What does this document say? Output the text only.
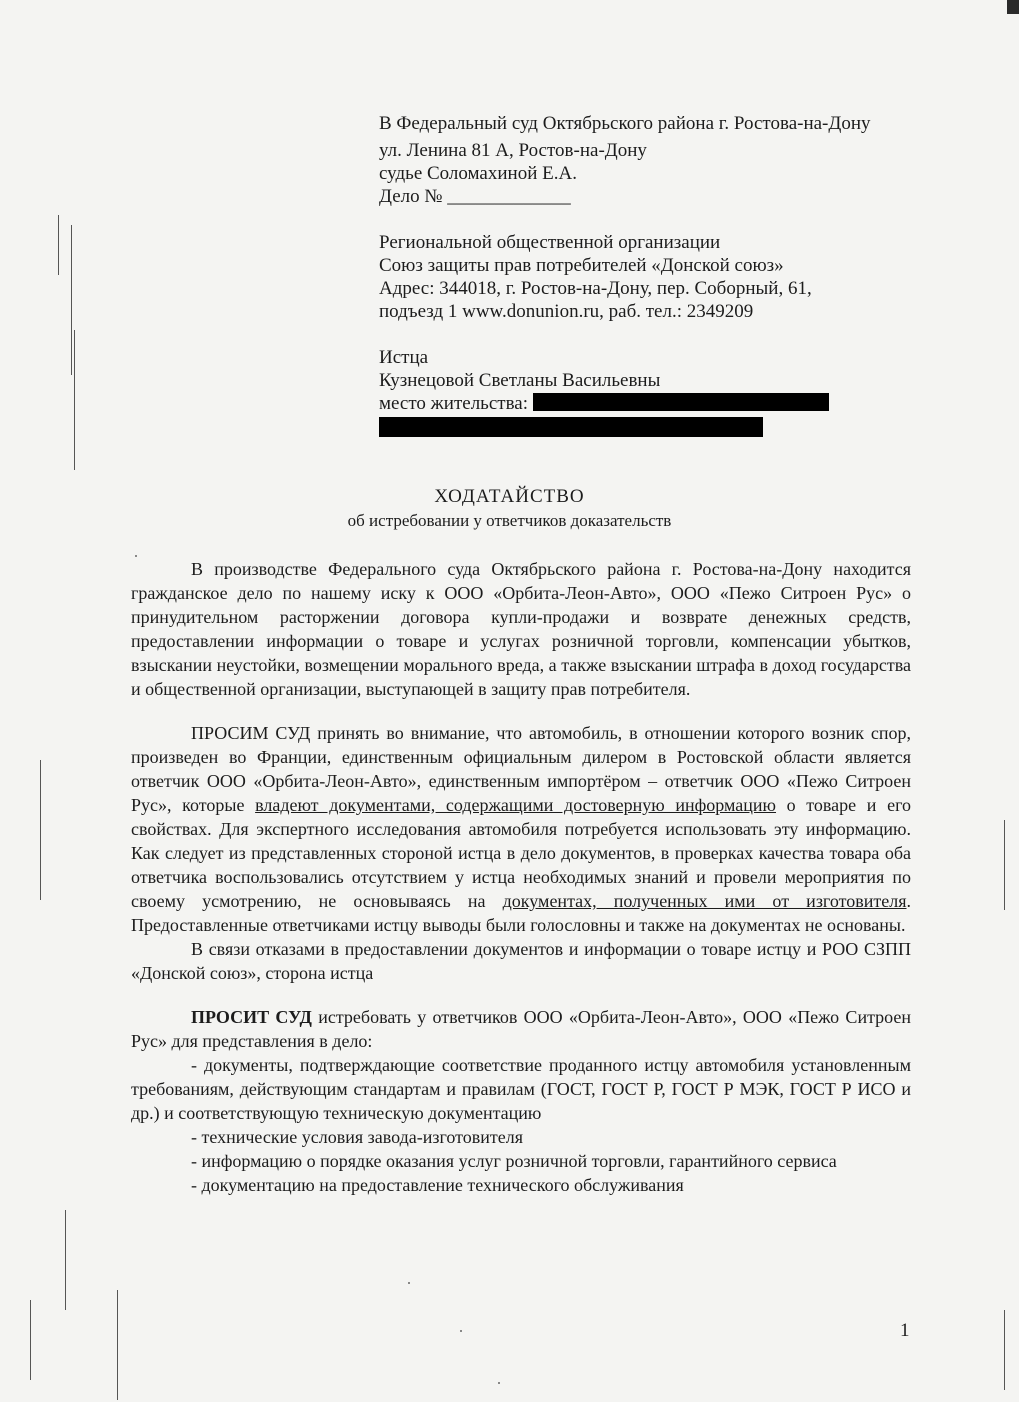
В Федеральный суд Октябрьского района г. Ростова-на-Дону
ул. Ленина 81 А, Ростов-на-Дону
судье Соломахиной Е.А.
Дело № _____________
Региональной общественной организации
Союз защиты прав потребителей «Донской союз»
Адрес: 344018, г. Ростов-на-Дону, пер. Соборный, 61,
подъезд 1 www.donunion.ru, раб. тел.: 2349209
Истца
Кузнецовой Светланы Васильевны
место жительства:
ХОДАТАЙСТВО
об истребовании у ответчиков доказательств

В производстве Федерального суда Октябрьского района г. Ростова-на-Дону находится гражданское дело по нашему иску к ООО «Орбита-Леон-Авто», ООО «Пежо Ситроен Рус» о принудительном расторжении договора купли-продажи и возврате денежных средств, предоставлении информации о товаре и услугах розничной торговли, компенсации убытков, взыскании неустойки, возмещении морального вреда, а также взыскании штрафа в доход государства и общественной организации, выступающей в защиту прав потребителя.

ПРОСИМ СУД принять во внимание, что автомобиль, в отношении которого возник спор, произведен во Франции, единственным официальным дилером в Ростовской области является ответчик ООО «Орбита-Леон-Авто», единственным импортёром – ответчик ООО «Пежо Ситроен Рус», которые владеют документами, содержащими достоверную информацию о товаре и его свойствах. Для экспертного исследования автомобиля потребуется использовать эту информацию. Как следует из представленных стороной истца в дело документов, в проверках качества товара оба ответчика воспользовались отсутствием у истца необходимых знаний и провели мероприятия по своему усмотрению, не основываясь на документах, полученных ими от изготовителя. Предоставленные ответчиками истцу выводы были голословны и также на документах не основаны.

В связи отказами в предоставлении документов и информации о товаре истцу и РОО СЗПП «Донской союз», сторона истца

ПРОСИТ СУД истребовать у ответчиков ООО «Орбита-Леон-Авто», ООО «Пежо Ситроен Рус» для представления в дело:

- документы, подтверждающие соответствие проданного истцу автомобиля установленным требованиям, действующим стандартам и правилам (ГОСТ, ГОСТ Р, ГОСТ Р МЭК, ГОСТ Р ИСО и др.) и соответствующую техническую документацию

- технические условия завода-изготовителя

- информацию о порядке оказания услуг розничной торговли, гарантийного сервиса

- документацию на предоставление технического обслуживания

1
